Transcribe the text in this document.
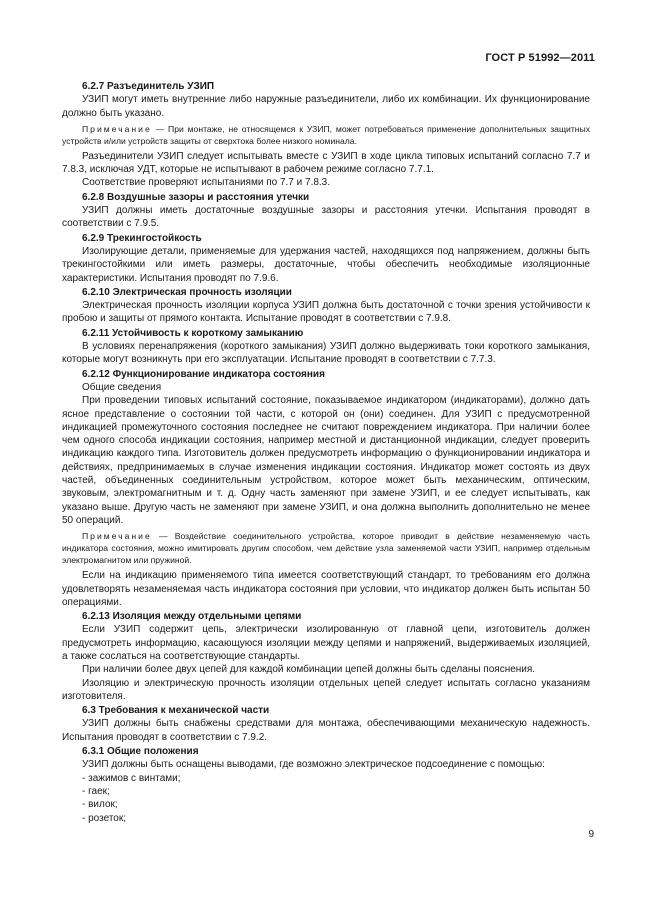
ГОСТ Р 51992—2011

6.2.7 Разъединитель УЗИП

УЗИП могут иметь внутренние либо наружные разъединители, либо их комбинации. Их функционирование должно быть указано.

Примечание — При монтаже, не относящемся к УЗИП, может потребоваться применение дополнительных защитных устройств и/или устройств защиты от сверхтока более низкого номинала.

Разъединители УЗИП следует испытывать вместе с УЗИП в ходе цикла типовых испытаний согласно 7.7 и 7.8.3, исключая УДТ, которые не испытывают в рабочем режиме согласно 7.7.1.

Соответствие проверяют испытаниями по 7.7 и 7.8.3.

6.2.8 Воздушные зазоры и расстояния утечки

УЗИП должны иметь достаточные воздушные зазоры и расстояния утечки. Испытания проводят в соответствии с 7.9.5.

6.2.9 Трекингостойкость

Изолирующие детали, применяемые для удержания частей, находящихся под напряжением, должны быть трекингостойкими или иметь размеры, достаточные, чтобы обеспечить необходимые изоляционные характеристики. Испытания проводят по 7.9.6.

6.2.10 Электрическая прочность изоляции

Электрическая прочность изоляции корпуса УЗИП должна быть достаточной с точки зрения устойчивости к пробою и защиты от прямого контакта. Испытание проводят в соответствии с 7.9.8.

6.2.11 Устойчивость к короткому замыканию

В условиях перенапряжения (короткого замыкания) УЗИП должно выдерживать токи короткого замыкания, которые могут возникнуть при его эксплуатации. Испытание проводят в соответствии с 7.7.3.

6.2.12 Функционирование индикатора состояния

Общие сведения

При проведении типовых испытаний состояние, показываемое индикатором (индикаторами), должно дать ясное представление о состоянии той части, с которой он (они) соединен. Для УЗИП с предусмотренной индикацией промежуточного состояния последнее не считают повреждением индикатора. При наличии более чем одного способа индикации состояния, например местной и дистанционной индикации, следует проверить индикацию каждого типа. Изготовитель должен предусмотреть информацию о функционировании индикатора и действиях, предпринимаемых в случае изменения индикации состояния. Индикатор может состоять из двух частей, объединенных соединительным устройством, которое может быть механическим, оптическим, звуковым, электромагнитным и т. д. Одну часть заменяют при замене УЗИП, и ее следует испытывать, как указано выше. Другую часть не заменяют при замене УЗИП, и она должна выполнить дополнительно не менее 50 операций.

Примечание — Воздействие соединительного устройства, которое приводит в действие незаменяемую часть индикатора состояния, можно имитировать другим способом, чем действие узла заменяемой части УЗИП, например отдельным электромагнитом или пружиной.

Если на индикацию применяемого типа имеется соответствующий стандарт, то требованиям его должна удовлетворять незаменяемая часть индикатора состояния при условии, что индикатор должен быть испытан 50 операциями.

6.2.13 Изоляция между отдельными цепями

Если УЗИП содержит цепь, электрически изолированную от главной цепи, изготовитель должен предусмотреть информацию, касающуюся изоляции между цепями и напряжений, выдерживаемых изоляцией, а также сослаться на соответствующие стандарты.

При наличии более двух цепей для каждой комбинации цепей должны быть сделаны пояснения.

Изоляцию и электрическую прочность изоляции отдельных цепей следует испытать согласно указаниям изготовителя.

6.3 Требования к механической части

УЗИП должны быть снабжены средствами для монтажа, обеспечивающими механическую надежность. Испытания проводят в соответствии с 7.9.2.

6.3.1 Общие положения

УЗИП должны быть оснащены выводами, где возможно электрическое подсоединение с помощью:

- зажимов с винтами;

- гаек;

- вилок;

- розеток;

9
